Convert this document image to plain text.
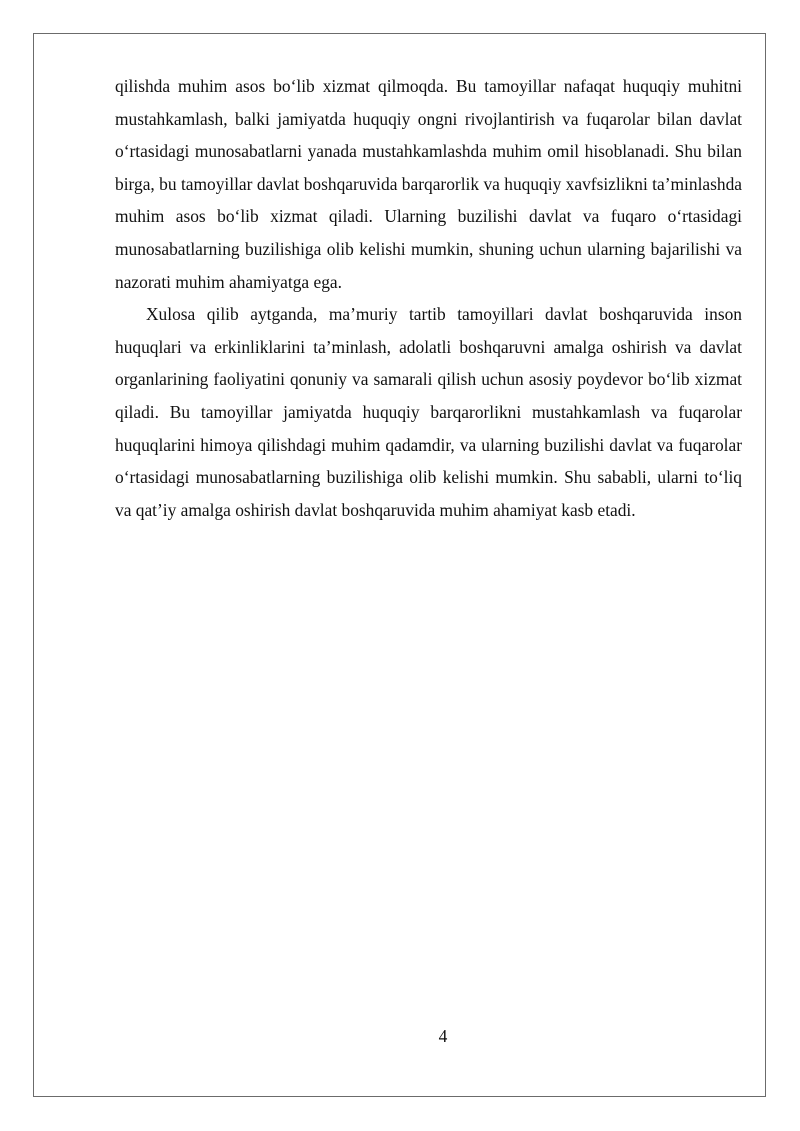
qilishda muhim asos bo‘lib xizmat qilmoqda. Bu tamoyillar nafaqat huquqiy muhitni mustahkamlash, balki jamiyatda huquqiy ongni rivojlantirish va fuqarolar bilan davlat o‘rtasidagi munosabatlarni yanada mustahkamlashda muhim omil hisoblanadi. Shu bilan birga, bu tamoyillar davlat boshqaruvida barqarorlik va huquqiy xavfsizlikni ta’minlashda muhim asos bo‘lib xizmat qiladi. Ularning buzilishi davlat va fuqaro o‘rtasidagi munosabatlarning buzilishiga olib kelishi mumkin, shuning uchun ularning bajarilishi va nazorati muhim ahamiyatga ega.

Xulosa qilib aytganda, ma’muriy tartib tamoyillari davlat boshqaruvida inson huquqlari va erkinliklarini ta’minlash, adolatli boshqaruvni amalga oshirish va davlat organlarining faoliyatini qonuniy va samarali qilish uchun asosiy poydevor bo‘lib xizmat qiladi. Bu tamoyillar jamiyatda huquqiy barqarorlikni mustahkamlash va fuqarolar huquqlarini himoya qilishdagi muhim qadamdir, va ularning buzilishi davlat va fuqarolar o‘rtasidagi munosabatlarning buzilishiga olib kelishi mumkin. Shu sababli, ularni to‘liq va qat’iy amalga oshirish davlat boshqaruvida muhim ahamiyat kasb etadi.

4
